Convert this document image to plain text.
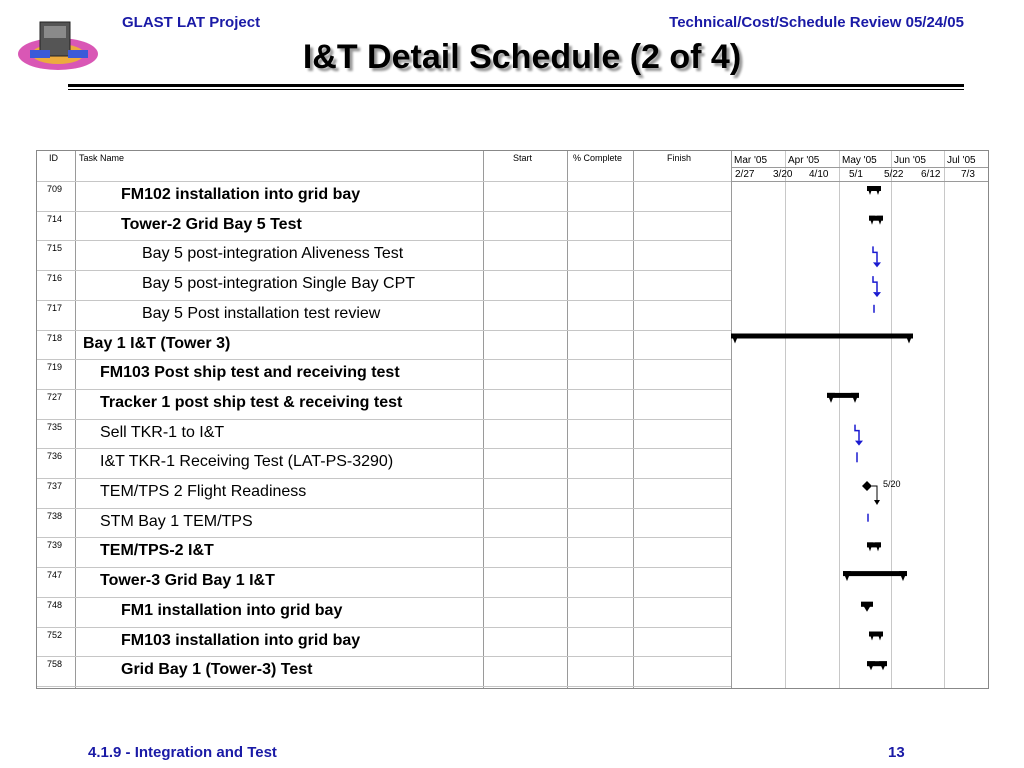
GLAST LAT Project	Technical/Cost/Schedule Review 05/24/05
I&T Detail Schedule (2 of 4)
ID Task Name	Start	% Complete	Finish	Mar '05 Apr '05 May '05 Jun '05 Jul '05
2/27 3/20 4/10 5/1 5/22 6/12 7/3
709	FM102 installation into grid bay
714	Tower-2 Grid Bay 5 Test
715	Bay 5 post-integration Aliveness Test
716	Bay 5 post-integration Single Bay CPT
717	Bay 5 Post installation test review
718 Bay 1 I&T (Tower 3)
719 FM103 Post ship test and receiving test
727 Tracker 1 post ship test & receiving test
735 Sell TKR-1 to I&T
736 I&T TKR-1 Receiving Test (LAT-PS-3290)
737 TEM/TPS 2 Flight Readiness
738 STM Bay 1 TEM/TPS
739 TEM/TPS-2 I&T
747 Tower-3 Grid Bay 1 I&T
748	FM1 installation into grid bay
752	FM103 installation into grid bay
758	Grid Bay 1 (Tower-3) Test
5/20
4.1.9 - Integration and Test	13
